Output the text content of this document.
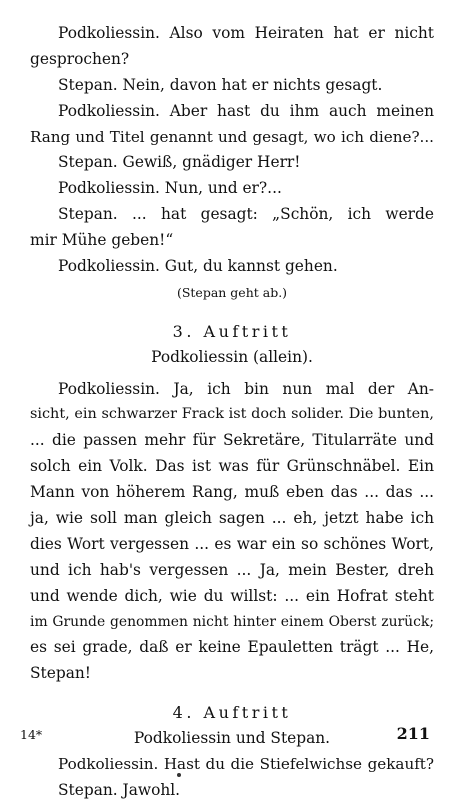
Podkoliessin. Also vom Heiraten hat er nicht
gesprochen?
Stepan. Nein, davon hat er nichts gesagt.
Podkoliessin. Aber hast du ihm auch meinen
Rang und Titel genannt und gesagt, wo ich diene?...
Stepan. Gewiß, gnädiger Herr!
Podkoliessin. Nun, und er?...
Stepan. ... hat gesagt: „Schön, ich werde
mir Mühe geben!“
Podkoliessin. Gut, du kannst gehen.
(Stepan geht ab.)
3. Auftritt
Podkoliessin (allein).
Podkoliessin. Ja, ich bin nun mal der An-
sicht, ein schwarzer Frack ist doch solider. Die bunten,
... die passen mehr für Sekretäre, Titularräte und
solch ein Volk. Das ist was für Grünschnäbel. Ein
Mann von höherem Rang, muß eben das ... das ...
ja, wie soll man gleich sagen ... eh, jetzt habe ich
dies Wort vergessen ... es war ein so schönes Wort,
und ich hab's vergessen ... Ja, mein Bester, dreh
und wende dich, wie du willst: ... ein Hofrat steht
im Grunde genommen nicht hinter einem Oberst zurück;
es sei grade, daß er keine Epauletten trägt ... He,
Stepan!
4. Auftritt
Podkoliessin und Stepan.
Podkoliessin. Hast du die Stiefelwichse gekauft?
Stepan. Jawohl.
14*	211
